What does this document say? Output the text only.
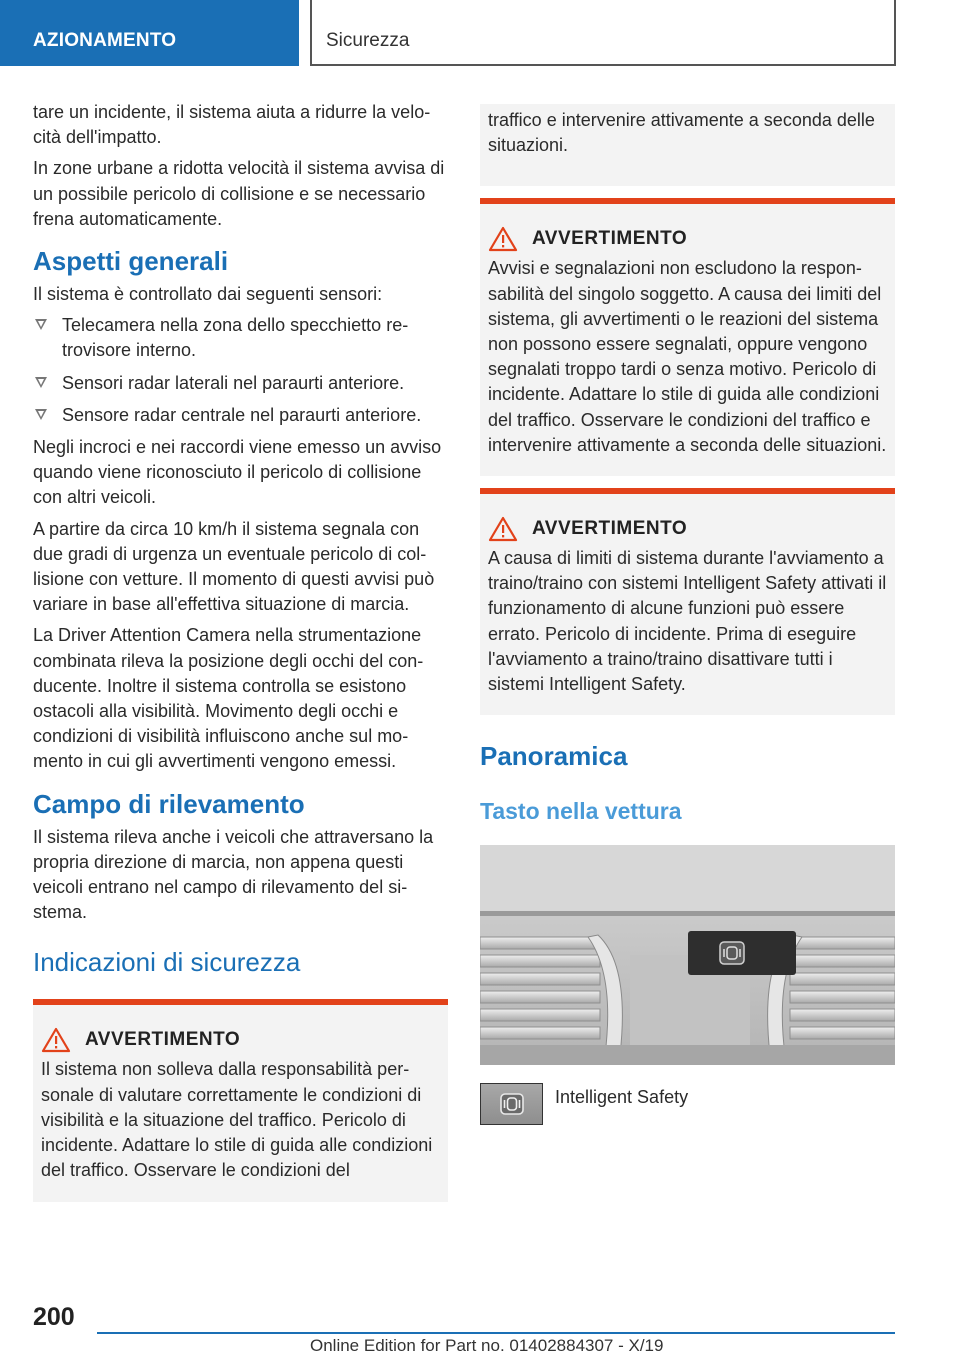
AZIONAMENTO	Sicurezza

tare un incidente, il sistema aiuta a ridurre la velocità dell'impatto.

In zone urbane a ridotta velocità il sistema avvisa di un possibile pericolo di collisione e se necessario frena automaticamente.

Aspetti generali

Il sistema è controllato dai seguenti sensori:

Telecamera nella zona dello specchietto retrovisore interno.
Sensori radar laterali nel paraurti anteriore.
Sensore radar centrale nel paraurti anteriore.

Negli incroci e nei raccordi viene emesso un avviso quando viene riconosciuto il pericolo di collisione con altri veicoli.

A partire da circa 10 km/h il sistema segnala con due gradi di urgenza un eventuale pericolo di collisione con vetture. Il momento di questi avvisi può variare in base all'effettiva situazione di marcia.

La Driver Attention Camera nella strumentazione combinata rileva la posizione degli occhi del conducente. Inoltre il sistema controlla se esistono ostacoli alla visibilità. Movimento degli occhi e condizioni di visibilità influiscono anche sul momento in cui gli avvertimenti vengono emessi.

Campo di rilevamento

Il sistema rileva anche i veicoli che attraversano la propria direzione di marcia, non appena questi veicoli entrano nel campo di rilevamento del sistema.

Indicazioni di sicurezza
AVVERTIMENTO

Il sistema non solleva dalla responsabilità personale di valutare correttamente le condizioni di visibilità e la situazione del traffico. Pericolo di incidente. Adattare lo stile di guida alle condizioni del traffico. Osservare le condizioni del

traffico e intervenire attivamente a seconda delle situazioni.

AVVERTIMENTO

Avvisi e segnalazioni non escludono la responsabilità del singolo soggetto. A causa dei limiti del sistema, gli avvertimenti o le reazioni del sistema non possono essere segnalati, oppure vengono segnalati troppo tardi o senza motivo. Pericolo di incidente. Adattare lo stile di guida alle condizioni del traffico. Osservare le condizioni del traffico e intervenire attivamente a seconda delle situazioni.

AVVERTIMENTO

A causa di limiti di sistema durante l'avviamento a traino/traino con sistemi Intelligent Safety attivati il funzionamento di alcune funzioni può essere errato. Pericolo di incidente. Prima di eseguire l'avviamento a traino/traino disattivare tutti i sistemi Intelligent Safety.

Panoramica
Tasto nella vettura
Intelligent Safety
200
Online Edition for Part no. 01402884307 - X/19
